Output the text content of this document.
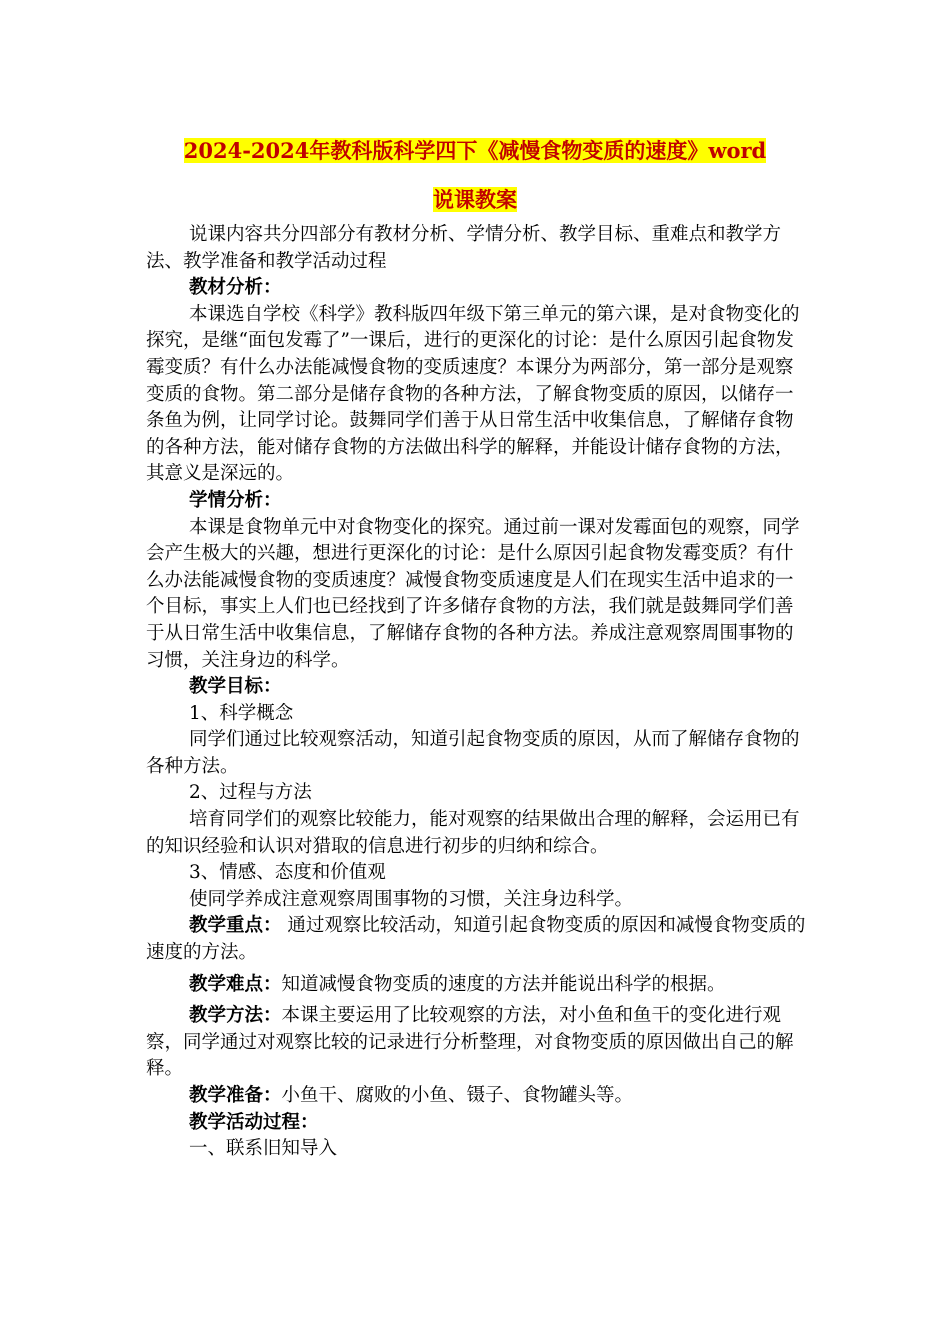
2024-2024年教科版科学四下《减慢食物变质的速度》word
说课教案

说课内容共分四部分有教材分析、学情分析、教学目标、重难点和教学方法、教学准备和教学活动过程

教材分析：

本课选自学校《科学》教科版四年级下第三单元的第六课，是对食物变化的探究，是继“面包发霉了”一课后，进行的更深化的讨论：是什么原因引起食物发霉变质？有什么办法能减慢食物的变质速度？本课分为两部分，第一部分是观察变质的食物。第二部分是储存食物的各种方法，了解食物变质的原因，以储存一条鱼为例，让同学讨论。鼓舞同学们善于从日常生活中收集信息，了解储存食物的各种方法，能对储存食物的方法做出科学的解释，并能设计储存食物的方法，其意义是深远的。

学情分析：

本课是食物单元中对食物变化的探究。通过前一课对发霉面包的观察，同学会产生极大的兴趣，想进行更深化的讨论：是什么原因引起食物发霉变质？有什么办法能减慢食物的变质速度？减慢食物变质速度是人们在现实生活中追求的一个目标，事实上人们也已经找到了许多储存食物的方法，我们就是鼓舞同学们善于从日常生活中收集信息，了解储存食物的各种方法。养成注意观察周围事物的习惯，关注身边的科学。

教学目标：

1、科学概念

同学们通过比较观察活动，知道引起食物变质的原因，从而了解储存食物的各种方法。

2、过程与方法

培育同学们的观察比较能力，能对观察的结果做出合理的解释，会运用已有的知识经验和认识对猎取的信息进行初步的归纳和综合。

3、情感、态度和价值观

使同学养成注意观察周围事物的习惯，关注身边科学。

教学重点： 通过观察比较活动，知道引起食物变质的原因和减慢食物变质的速度的方法。

教学难点：知道减慢食物变质的速度的方法并能说出科学的根据。

教学方法：本课主要运用了比较观察的方法，对小鱼和鱼干的变化进行观察，同学通过对观察比较的记录进行分析整理，对食物变质的原因做出自己的解释。

教学准备：小鱼干、腐败的小鱼、镊子、食物罐头等。

教学活动过程：

一、联系旧知导入
